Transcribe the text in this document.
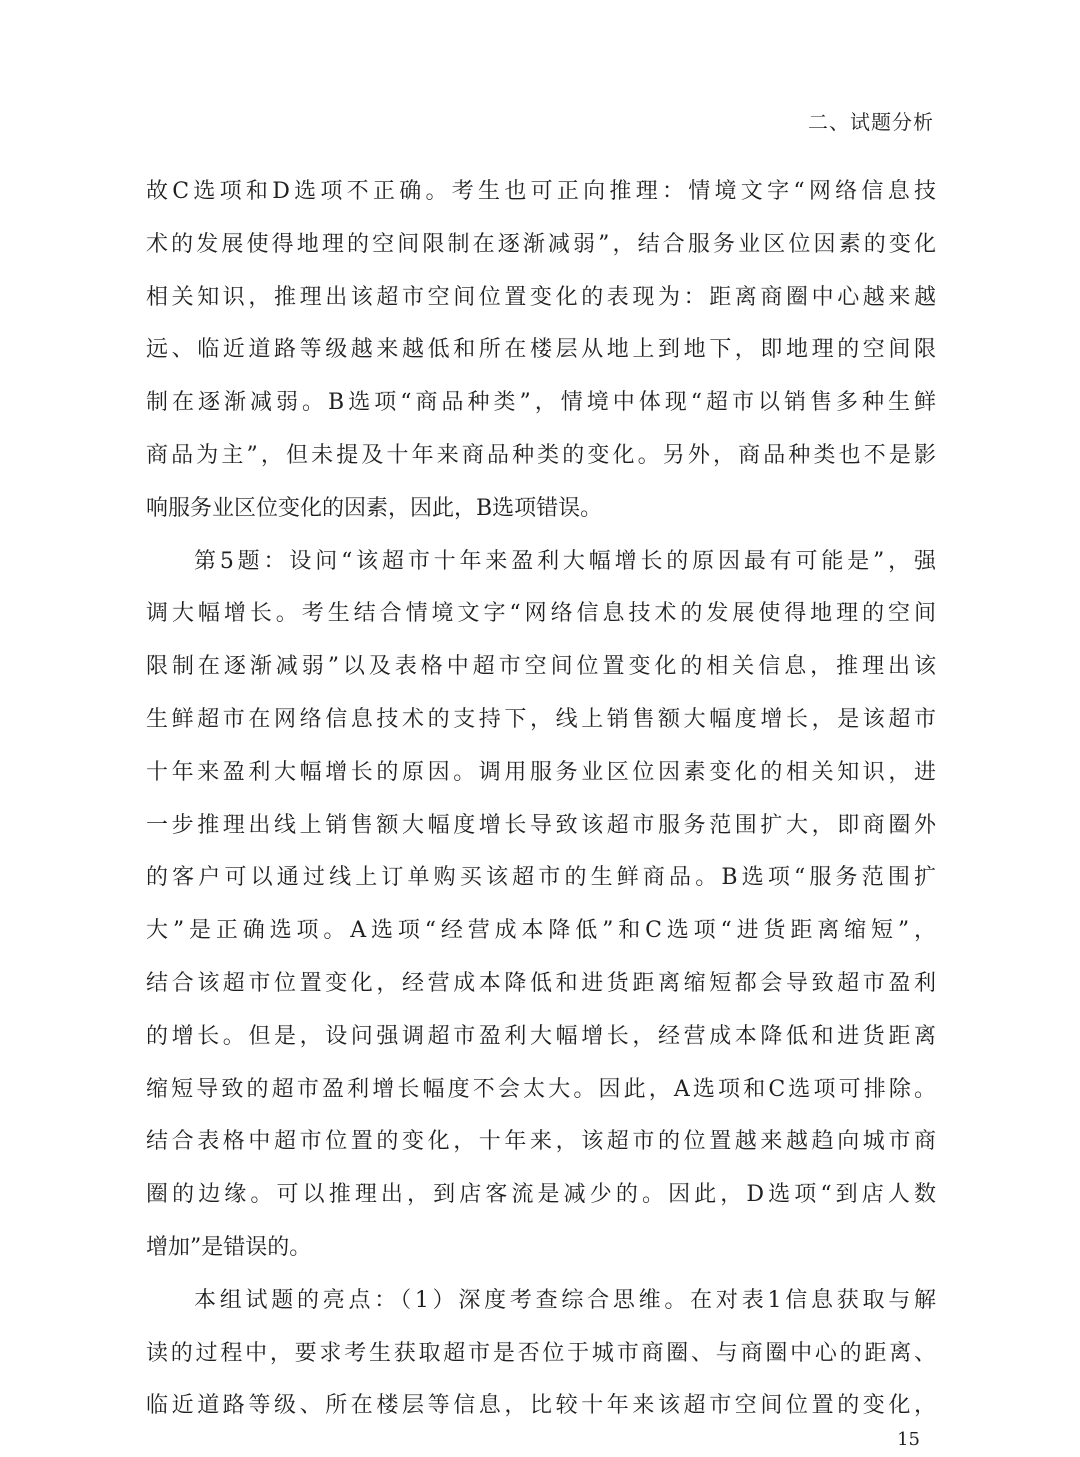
二、试题分析
故C选项和D选项不正确。考生也可正向推理：情境文字“网络信息技
术的发展使得地理的空间限制在逐渐减弱”，结合服务业区位因素的变化
相关知识，推理出该超市空间位置变化的表现为：距离商圈中心越来越
远、临近道路等级越来越低和所在楼层从地上到地下，即地理的空间限
制在逐渐减弱。B选项“商品种类”，情境中体现“超市以销售多种生鲜
商品为主”，但未提及十年来商品种类的变化。另外，商品种类也不是影
响服务业区位变化的因素，因此，B选项错误。
第5题：设问“该超市十年来盈利大幅增长的原因最有可能是”，强
调大幅增长。考生结合情境文字“网络信息技术的发展使得地理的空间
限制在逐渐减弱”以及表格中超市空间位置变化的相关信息，推理出该
生鲜超市在网络信息技术的支持下，线上销售额大幅度增长，是该超市
十年来盈利大幅增长的原因。调用服务业区位因素变化的相关知识，进
一步推理出线上销售额大幅度增长导致该超市服务范围扩大，即商圈外
的客户可以通过线上订单购买该超市的生鲜商品。B选项“服务范围扩
大”是正确选项。A选项“经营成本降低”和C选项“进货距离缩短”，
结合该超市位置变化，经营成本降低和进货距离缩短都会导致超市盈利
的增长。但是，设问强调超市盈利大幅增长，经营成本降低和进货距离
缩短导致的超市盈利增长幅度不会太大。因此，A选项和C选项可排除。
结合表格中超市位置的变化，十年来，该超市的位置越来越趋向城市商
圈的边缘。可以推理出，到店客流是减少的。因此，D选项“到店人数
增加”是错误的。
本组试题的亮点：（1）深度考查综合思维。在对表1信息获取与解
读的过程中，要求考生获取超市是否位于城市商圈、与商圈中心的距离、
临近道路等级、所在楼层等信息，比较十年来该超市空间位置的变化，
15
